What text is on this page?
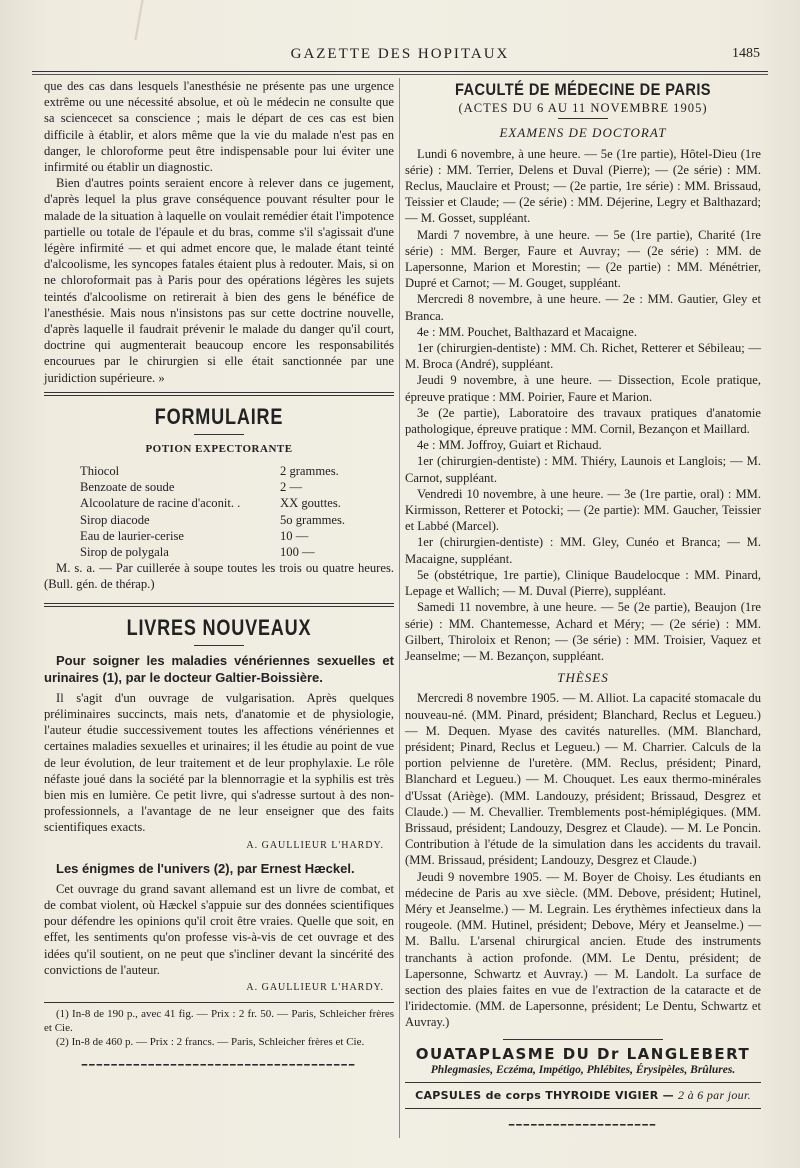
GAZETTE DES HOPITAUX	1485

que des cas dans lesquels l'anesthésie ne présente pas une urgence extrême ou une nécessité absolue, et où le médecin ne consulte que sa sciencecet sa conscience ; mais le départ de ces cas est bien difficile à établir, et alors même que la vie du malade n'est pas en danger, le chloroforme peut être indispensable pour lui éviter une infirmité ou établir un diagnostic.

Bien d'autres points seraient encore à relever dans ce jugement, d'après lequel la plus grave conséquence pouvant résulter pour le malade de la situation à laquelle on voulait remédier était l'impotence partielle ou totale de l'épaule et du bras, comme s'il s'agissait d'une légère infirmité — et qui admet encore que, le malade étant teinté d'alcoolisme, les syncopes fatales étaient plus à redouter. Mais, si on ne chloroformait pas à Paris pour des opérations légères les sujets teintés d'alcoolisme on retirerait à bien des gens le bénéfice de l'anesthésie. Mais nous n'insistons pas sur cette doctrine nouvelle, d'après laquelle il faudrait prévenir le malade du danger qu'il court, doctrine qui augmenterait beaucoup encore les responsabilités encourues par le chirurgien si elle était sanctionnée par une juridiction supérieure. »

FORMULAIRE
POTION EXPECTORANTE
Thiocol	2 grammes.
Benzoate de soude	2 —
Alcoolature de racine d'aconit. .	XX gouttes.
Sirop diacode	5o grammes.
Eau de laurier-cerise	10 —
Sirop de polygala	100 —

M. s. a. — Par cuillerée à soupe toutes les trois ou quatre heures. (Bull. gén. de thérap.)

LIVRES NOUVEAUX
Pour soigner les maladies vénériennes sexuelles et urinaires (1), par le docteur Galtier-Boissière.

Il s'agit d'un ouvrage de vulgarisation. Après quelques préliminaires succincts, mais nets, d'anatomie et de physiologie, l'auteur étudie successivement toutes les affections vénériennes et certaines maladies sexuelles et urinaires; il les étudie au point de vue de leur évolution, de leur traitement et de leur prophylaxie. Le rôle néfaste joué dans la société par la blennorragie et la syphilis est très bien mis en lumière. Ce petit livre, qui s'adresse surtout à des non-professionnels, a l'avantage de ne leur enseigner que des faits scientifiques exacts.

A. GAULLIEUR L'HARDY.
Les énigmes de l'univers (2), par Ernest Hæckel.

Cet ouvrage du grand savant allemand est un livre de combat, et de combat violent, où Hæckel s'appuie sur des données scientifiques pour défendre les opinions qu'il croit être vraies. Quelle que soit, en effet, les sentiments qu'on professe vis-à-vis de cet ouvrage et des idées qu'il soutient, on ne peut que s'incliner devant la sincérité des convictions de l'auteur.

A. GAULLIEUR L'HARDY.

(1) In-8 de 190 p., avec 41 fig. — Prix : 2 fr. 50. — Paris, Schleicher frères et Cie.

(2) In-8 de 460 p. — Prix : 2 francs. — Paris, Schleicher frères et Cie.

━━━━━━━━━━━━━━━━━━━━━━━━━━━━━━━━━━━━━
FACULTÉ DE MÉDECINE DE PARIS
(ACTES DU 6 AU 11 NOVEMBRE 1905)
EXAMENS DE DOCTORAT

Lundi 6 novembre, à une heure. — 5e (1re partie), Hôtel-Dieu (1re série) : MM. Terrier, Delens et Duval (Pierre); — (2e série) : MM. Reclus, Mauclaire et Proust; — (2e partie, 1re série) : MM. Brissaud, Teissier et Claude; — (2e série) : MM. Déjerine, Legry et Balthazard; — M. Gosset, suppléant.

Mardi 7 novembre, à une heure. — 5e (1re partie), Charité (1re série) : MM. Berger, Faure et Auvray; — (2e série) : MM. de Lapersonne, Marion et Morestin; — (2e partie) : MM. Ménétrier, Dupré et Carnot; — M. Gouget, suppléant.

Mercredi 8 novembre, à une heure. — 2e : MM. Gautier, Gley et Branca.

4e : MM. Pouchet, Balthazard et Macaigne.

1er (chirurgien-dentiste) : MM. Ch. Richet, Retterer et Sébileau; — M. Broca (André), suppléant.

Jeudi 9 novembre, à une heure. — Dissection, Ecole pratique, épreuve pratique : MM. Poirier, Faure et Marion.

3e (2e partie), Laboratoire des travaux pratiques d'anatomie pathologique, épreuve pratique : MM. Cornil, Bezançon et Maillard.

4e : MM. Joffroy, Guiart et Richaud.

1er (chirurgien-dentiste) : MM. Thiéry, Launois et Langlois; — M. Carnot, suppléant.

Vendredi 10 novembre, à une heure. — 3e (1re partie, oral) : MM. Kirmisson, Retterer et Potocki; — (2e partie): MM. Gaucher, Teissier et Labbé (Marcel).

1er (chirurgien-dentiste) : MM. Gley, Cunéo et Branca; — M. Macaigne, suppléant.

5e (obstétrique, 1re partie), Clinique Baudelocque : MM. Pinard, Lepage et Wallich; — M. Duval (Pierre), suppléant.

Samedi 11 novembre, à une heure. — 5e (2e partie), Beaujon (1re série) : MM. Chantemesse, Achard et Méry; — (2e série) : MM. Gilbert, Thiroloix et Renon; — (3e série) : MM. Troisier, Vaquez et Jeanselme; — M. Bezançon, suppléant.

THÈSES

Mercredi 8 novembre 1905. — M. Alliot. La capacité stomacale du nouveau-né. (MM. Pinard, président; Blanchard, Reclus et Legueu.) — M. Dequen. Myase des cavités naturelles. (MM. Blanchard, président; Pinard, Reclus et Legueu.) — M. Charrier. Calculs de la portion pelvienne de l'uretère. (MM. Reclus, président; Pinard, Blanchard et Legueu.) — M. Chouquet. Les eaux thermo-minérales d'Ussat (Ariège). (MM. Landouzy, président; Brissaud, Desgrez et Claude.) — M. Chevallier. Tremblements post-hémiplégiques. (MM. Brissaud, président; Landouzy, Desgrez et Claude). — M. Le Poncin. Contribution à l'étude de la simulation dans les accidents du travail. (MM. Brissaud, président; Landouzy, Desgrez et Claude.)

Jeudi 9 novembre 1905. — M. Boyer de Choisy. Les étudiants en médecine de Paris au xve siècle. (MM. Debove, président; Hutinel, Méry et Jeanselme.) — M. Legrain. Les érythèmes infectieux dans la rougeole. (MM. Hutinel, président; Debove, Méry et Jeanselme.) — M. Ballu. L'arsenal chirurgical ancien. Etude des instruments tranchants à action profonde. (MM. Le Dentu, président; de Lapersonne, Schwartz et Auvray.) — M. Landolt. La surface de section des plaies faites en vue de l'extraction de la cataracte et de l'iridectomie. (MM. de Lapersonne, président; Le Dentu, Schwartz et Auvray.)

OUATAPLASME DU Dr LANGLEBERT
Phlegmasies, Eczéma, Impétigo, Phlébites, Érysipèles, Brûlures.
CAPSULES de corps THYROIDE VIGIER — 2 à 6 par jour.
━━━━━━━━━━━━━━━━━━━━
